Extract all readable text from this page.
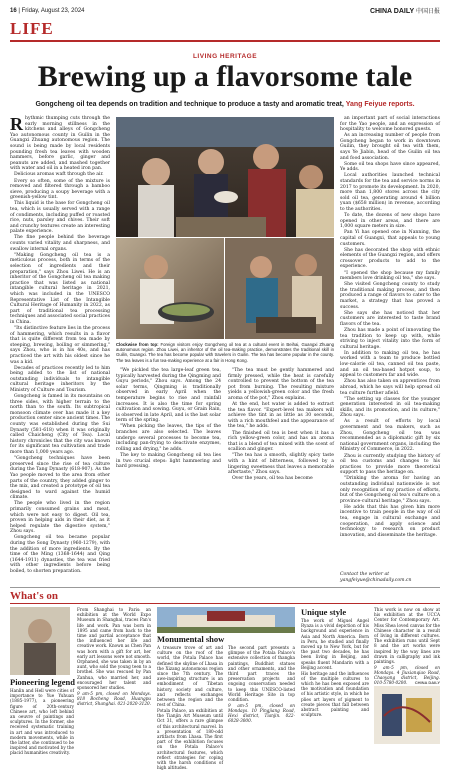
16 | Friday, August 23, 2024	CHINA DAILY 中国日报
LIFE
LIVING HERITAGE
Brewing up a flavorsome tale
Gongcheng oil tea depends on tradition and technique to produce a tasty and aromatic treat, Yang Feiyue reports.
R hythmic thumping cuts through the early morning stillness in the kitchens and alleys of Gongcheng Yao autonomous county in Guilin in the Guangxi Zhuang autonomous region. The sound is being made by local residents pounding fresh tea leaves with wooden hammers, before garlic, ginger and peanuts are added, and mashed together with water and oil in a heated iron pan.

Delicious aromas waft through the air.

Every so often, some of the mixture is removed and filtered through a bamboo sieve, producing a soupy beverage with a greenish-yellow tint.

This liquid is the base for Gongcheng oil tea, which is usually served with a range of condiments, including puffed or roasted rice, nuts, parsley and chives. Their soft and crunchy textures create an interesting palate experience.

The fine people behind the beverage counts varied vitality and sharpness, and swallow internal organs.

"Making Gongcheng oil tea is a meticulous process, both in terms of the selection of ingredients and their preparation," says Zhou Liwei. He is an inheritor of the Gongcheng oil tea making practice that was listed as national intangible cultural heritage in 2021, which was included in the UNESCO Representative List of the Intangible Cultural Heritage of Humanity in 2022, as part of traditional tea processing techniques and associated social practices in China.

"Its distinctive feature lies in the process of hammering, which results in a flavor that is quite different from tea made by steeping, brewing, boiling or simmering," says Zhou, who is in his 40s, and has practiced the art with his oldest since he was a kid.

Decades of practices recently led to him being added to the list of national outstanding individuals to intangible cultural heritage inheritors by the Ministry of Culture and Tourism.

Gongcheng is famed in its mountains on three sides, with higher terrain to the north than to the south. Its subtropical monsoon climate over has made it a key production center since ancient times. The county was established during the Sui Dynasty (581-618) when it was originally called Chaicheng (City of Tea). Local history chronicles that the city was known for its significant tea cultivation and trade more than 1,000 years ago.

"Gongcheng techniques have been preserved since the rise of tea culture during the Tang Dynasty (618-907). As the Yao people moved to the area from other parts of the country, they added ginger to the mix, and created a prototype of oil tea designed to ward against the humid climate.

The people who lived in the region primarily consumed grains and meat, which were not easy to digest. Oil tea, proven in helping aids in their diet, as it helped regulate the digestive system," Zhou says.

Gongcheng oil tea became popular during the Song Dynasty (960-1279), with the addition of more ingredients. By the time of the Ming (1368-1644) and Qing (1644-1911) dynasties, the tea was fried with other ingredients before being boiled, to shorten preparation.

Clockwise from top: Foreign visitors enjoy Gongcheng oil tea at a cultural event in Beihai, Guangxi Zhuang autonomous region. Zhou Liwei, an inheritor of the oil tea-making practice, demonstrates the traditional skill in Guilin, Guangxi. The tea has become popular with travelers in Guilin. The tea has become popular in the county. The tea leaves is a fun tea-making experience at a fair in Hong Kong.

"We pickled the tea large-leaf green tea, typically harvested during the Qingming and Guyu periods," Zhou says. Among the 24 solar terms, Qingming is traditionally observed in early April when the temperature begins to rise and rainfall increases. It is also the time for spring cultivation and sowing. Guyu, or Grain Rain, is observed in late April, and is the last solar term of the spring.

"When picking the leaves, the tips of the branches are also selected. The leaves undergo several processes to become tea, including pan-frying to deactivate enzymes, rolling and drying," he adds.

The key to making Gongcheng oil tea lies in two crucial steps: light hammering and hard pressing.

"The tea must be gently hammered and firmly pressed, while the heat is carefully controlled to prevent the bottom of the tea pot from burning. The resulting mixture yields a yellowish-green color and the fresh aroma of the pot," Zhou explains.

At the end, hot water is added to extract the tea flavor. "Expert-level tea makers will achieve the tint in as little as 30 seconds, with a rich mouthfeel and the appearance of the tea," he adds.

The finished oil tea is best when it has a rich yellow-green color, and has an aroma that is a blend of tea mixed with the scent of scallion and ginger.

"The tea has a smooth, slightly spicy taste with a hint of bitterness, followed by a lingering sweetness that leaves a memorable aftertaste," Zhou says.

Over the years, oil tea has become

an important part of social interactions for the Yao people, and an expression of hospitality to welcome honored guests.

As an increasing number of people from Gongcheng began to work in downtown Guilin, they brought oil tea with them, says Ye Jiabin, head of the Guilin oil tea and food association.

Some oil tea shops have since appeared, Ye adds.

Local authorities launched technical standards for the tea and service norms in 2017 to promote its development. In 2020, more than 1,800 stores across the city sold oil tea, generating around 4 billion yuan ($658 million) in revenue, according to the authorities.

To date, the dozens of new shops have opened in other areas, and there are 1,000 square meters in size.

Pan Yi has opened one in Nanning, the capital of Guangxi, that appeals to young customers.

She has decorated the shop with ethnic elements of the Guangxi region, and offers crossover products to add to the experience.

"I opened the shop because my family members love drinking oil tea," she says.

She visited Gongcheng county to study the traditional making process, and then produced a range of flavors to cater to the market, a strategy that has proved a success.

She says she has noticed that her customers are interested to taste brand flavors of the tea.

Zhou has made a point of innovating the tea tradition to keep up with, while striving to inject vitality into the form of cultural heritage.

In addition to making oil tea, he has worked with a team to produce bottled low-calorie oil tea, canned oil tea paste, and an oil tea-based hotpot soup, to appeal to customers far and wide.

Zhou has also taken on apprentices from abroad, which he says will help spread oil tea culture further afield.

"The setting up classes for the younger generation interested in oil tea-making skills, and its promotion, and its culture," Zhou says.

As a result of efforts by local government and tea makers, such as Zhou, Gongcheng oil tea was recommended as a diplomatic gift by six national government organs, including the Ministry of Commerce, in 2022.

Zhou is currently studying the history of oil tea customs and changes to his practices to provide more theoretical support to pass the heritage on.

"Drinking the aroma for having an outstanding individual nationwide is not only recognition of my practice of efforts, but of the Gongcheng oil tea's culture on a province-cultural heritage," Zhou says.

He adds that this has given him more incentive to train people in the way of oil tea, engage in cultural exchange and cooperation, and apply science and technology to research on product innovation, and disseminate the heritage.

Contact the writer at yangfeiyue@chinadaily.com.cn
What's on
Pioneering legend

Hanlin and Hell were cities of importance to Yue Yuhuan (1885-1977), a pioneering figure of 20th-century Chinese art, who left behind an oeuvre of paintings and sculptures. In the former, she received systematic training in art and was introduced to modern movements, while in the latter, she continued to be inspired and motivated by the placid humanities creativity.

From Shanghai to Paris: an exhibition at the World Expo Museum in Shanghai, traces Pan's life and work. Pan was born in 1895 and came from back to the time and partial acceptance that the influenced her life and creative work. Known as Chen Pan was born with a gift for art, her early art lessons were not smooth. Orphaned, she was taken in by an aunt, who sold the young teen to a brothel. She was rescued by Pan Zanhua, who married her, and encouraged her talent and sponsored her studies.

9 am-5 pm, closed on Mondays. 818 Bocheng Road, Huangpu district, Shanghai. 021-2020-3120.

Monumental show

A treasure trove of art and culture on the roof of the world, the Potala Palace has defined the skyline of Lhasa in the Xizang autonomous region since the 7th century. The awe-inspiring structure is an embodiment of Tibetan history, society and culture, and reflects exchanges between the region and the rest of China.

Potala Palace, an exhibition at the Tianjin Art Museum until Oct 31, offers a rare glimpse of this architectural marvel. In a presentation of 180-odd artifacts from Lhasa. The first part of the exhibition focuses on the Potala Palace's architectural features, which reflect strategies for coping with the harsh conditions of high altitudes.

The second part presents a glimpse of the Potala Palace's extensive collection of thangka paintings, Buddhist statues and other ornaments, and the third part traces the preservation projects and ongoing conservation needed to keep this UNESCO-listed World Heritage Site in top condition.

9 am-5 pm, closed on Mondays. 10 Pingjiang Road, Hexi district, Tianjin. 022-6028-3000.

Unique style

The work of Miguel Angel Ryaza is a vivid depiction of his background and experience in Asia and North America. Born in Peru, he studied and finally moved up to New York, but for the past two decades, he has been living in Beijing, and speaks fluent Mandarin with a Beijing accent.

His heritage and the influences of the multiple cultures to which he has been exposed are the motivation and foundation of his artistic style, in which he plies art layers of pigment to create pieces that fall between abstract painting and sculpture.

This work is now on show at his exhibition at the UCCA Center for Contemporary Art. Miss Shea loved canvas for the Chinese character in a result of living in different cultures. The exhibition runs until Sept 8 and the art works were inspired by the way lines are drawn in calligraphy and ink paintings.

9 am-5 pm, closed on Mondays. 4 Jiuxianqiao Road, Chaoyang district, Beijing. 010-5780-0200.	CHINA DAILY
